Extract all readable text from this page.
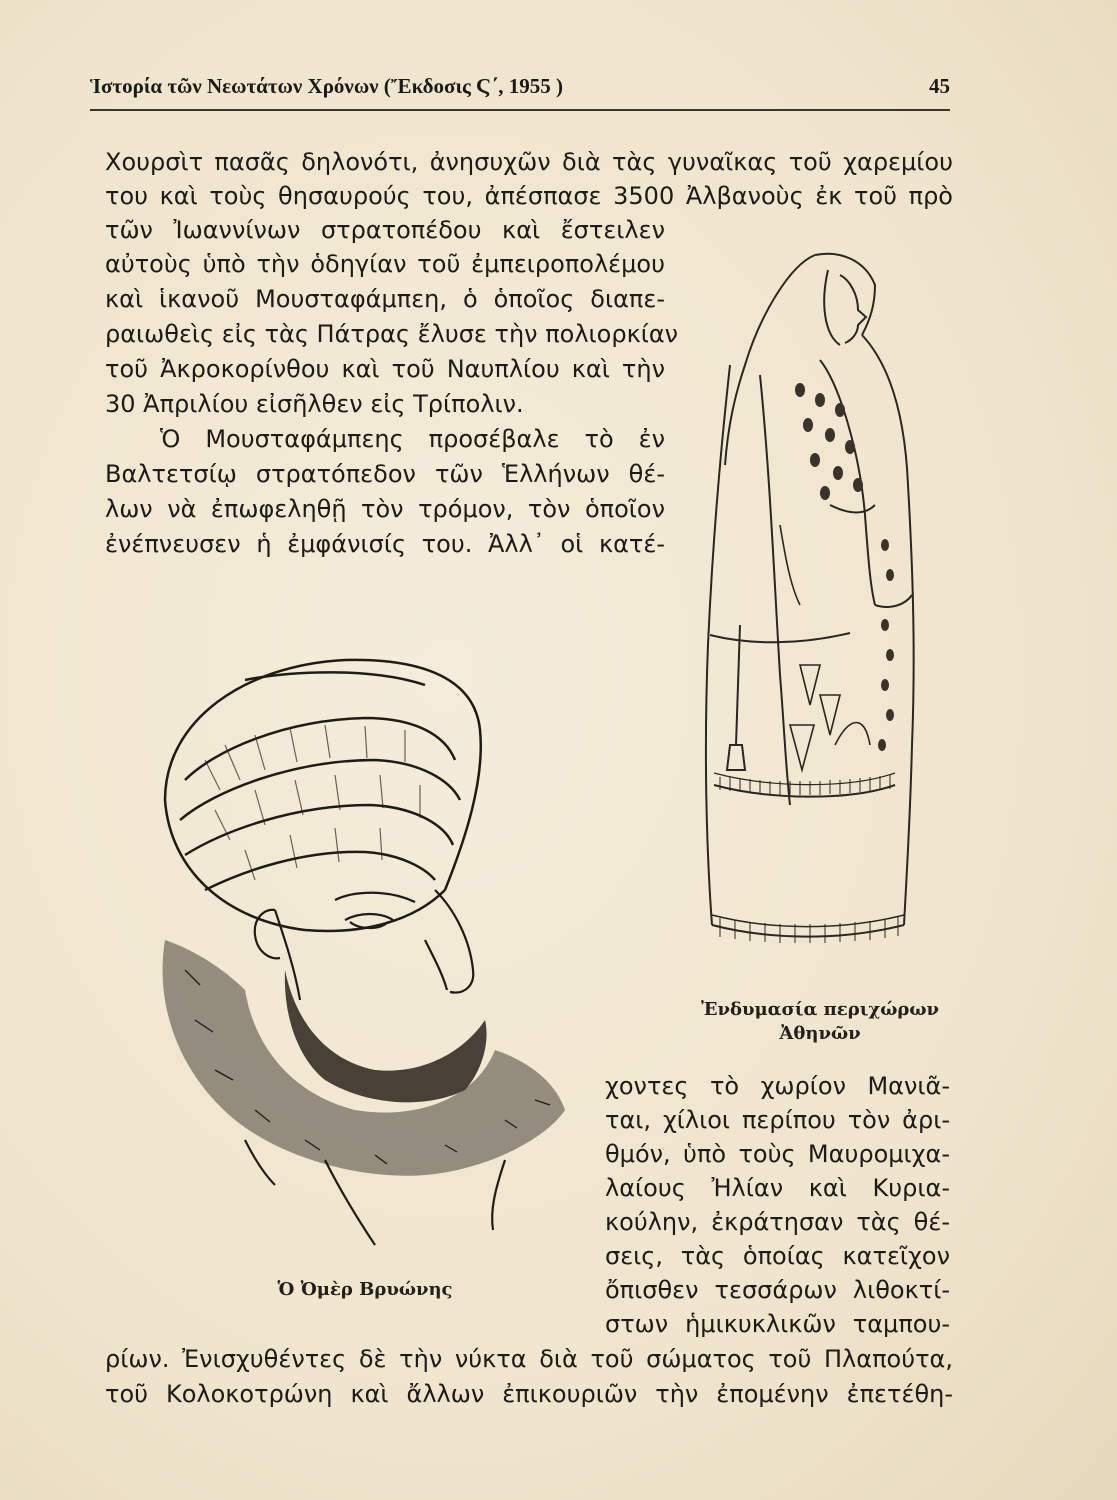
Ἱστορία τῶν Νεωτάτων Χρόνων (Ἔκδοσις Ϛ΄, 1955 )	45
Χουρσὶτ πασᾶς δηλονότι, ἀνησυχῶν διὰ τὰς γυναῖκας τοῦ χαρεμίου
του καὶ τοὺς θησαυρούς του, ἀπέσπασε 3500 Ἀλβανοὺς ἐκ τοῦ πρὸ
τῶν Ἰωαννίνων στρατοπέδου καὶ ἔστειλεν
αὐτοὺς ὑπὸ τὴν ὁδηγίαν τοῦ ἐμπειροπολέμου
καὶ ἱκανοῦ Μουσταφάμπεη, ὁ ὁποῖος διαπε-
ραιωθεὶς εἰς τὰς Πάτρας ἔλυσε τὴν πολιορκίαν
τοῦ Ἀκροκορίνθου καὶ τοῦ Ναυπλίου καὶ τὴν
30 Ἀπριλίου εἰσῆλθεν εἰς Τρίπολιν.
Ὁ Μουσταφάμπεης προσέβαλε τὸ ἐν
Βαλτετσίῳ στρατόπεδον τῶν Ἑλλήνων θέ-
λων νὰ ἐπωφεληθῇ τὸν τρόμον, τὸν ὁποῖον
ἐνέπνευσεν ἡ ἐμφάνισίς του. Ἀλλ᾽ οἱ κατέ-
Ἐνδυμασία περιχώρων
Ἀθηνῶν
Ὁ Ὀμὲρ Βρυώνης
χοντες τὸ χωρίον Μανιᾶ-
ται, χίλιοι περίπου τὸν ἀρι-
θμόν, ὑπὸ τοὺς Μαυρομιχα-
λαίους Ἠλίαν καὶ Κυρια-
κούλην, ἐκράτησαν τὰς θέ-
σεις, τὰς ὁποίας κατεῖχον
ὄπισθεν τεσσάρων λιθοκτί-
στων ἡμικυκλικῶν ταμπου-
ρίων. Ἐνισχυθέντες δὲ τὴν νύκτα διὰ τοῦ σώματος τοῦ Πλαπούτα,
τοῦ Κολοκοτρώνη καὶ ἄλλων ἐπικουριῶν τὴν ἐπομένην ἐπετέθη-
